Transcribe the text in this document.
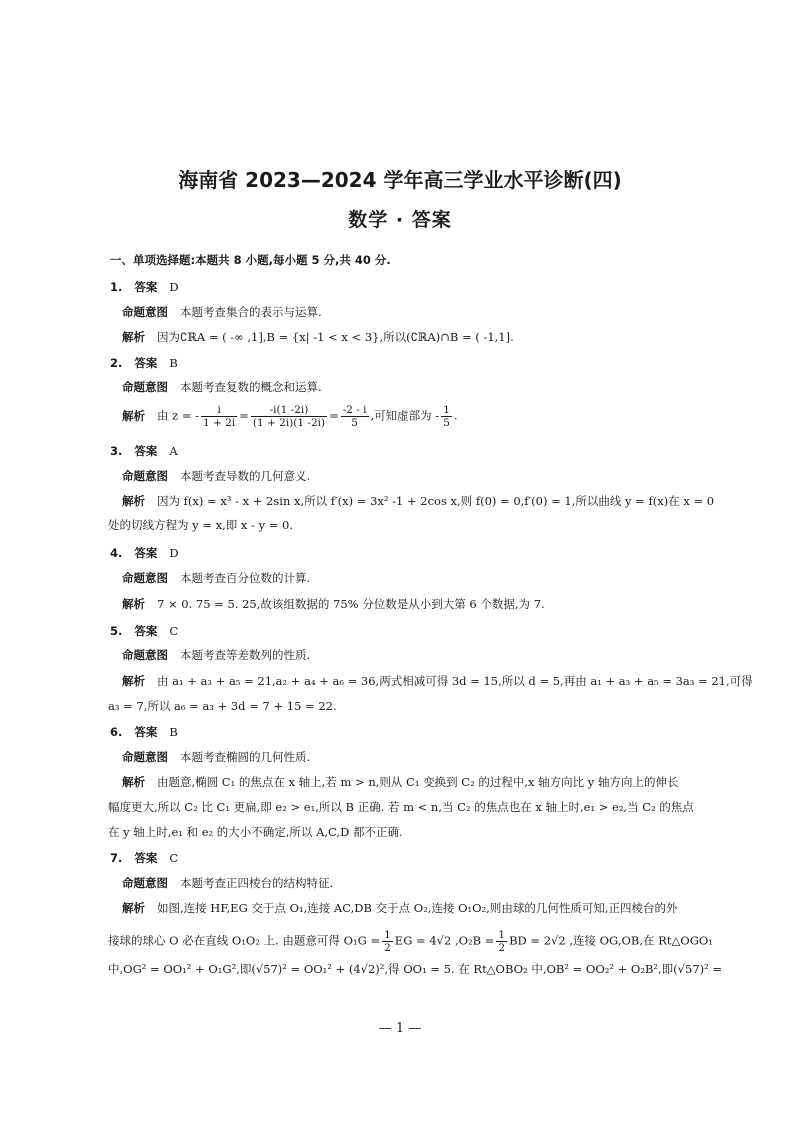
海南省 2023—2024 学年高三学业水平诊断(四)
数学 · 答案
一、单项选择题:本题共 8 小题,每小题 5 分,共 40 分.
1. 答案 D
命题意图 本题考查集合的表示与运算.
解析 因为∁ℝA = ( -∞ ,1],B = {x| -1 < x < 3},所以(∁ℝA)∩B = ( -1,1].
2. 答案 B
命题意图 本题考查复数的概念和运算.
解析 由 z = - $\frac{i}{1 + 2i} = \frac{-i(1 -2i)}{(1 + 2i)(1 -2i)} = \frac{-2 - i}{5}$ ,可知虚部为 - $\frac{1}{5}$ .
3. 答案 A
命题意图 本题考查导数的几何意义.
解析 因为 f(x) = x³ - x + 2sin x,所以 f′(x) = 3x² -1 + 2cos x,则 f(0) = 0,f′(0) = 1,所以曲线 y = f(x)在 x = 0
处的切线方程为 y = x,即 x - y = 0.
4. 答案 D
命题意图 本题考查百分位数的计算.
解析 7 × 0. 75 = 5. 25,故该组数据的 75% 分位数是从小到大第 6 个数据,为 7.
5. 答案 C
命题意图 本题考查等差数列的性质.
解析 由 a₁ + a₃ + a₅ = 21,a₂ + a₄ + a₆ = 36,两式相减可得 3d = 15,所以 d = 5,再由 a₁ + a₃ + a₅ = 3a₃ = 21,可得
a₃ = 7,所以 a₆ = a₃ + 3d = 7 + 15 = 22.
6. 答案 B
命题意图 本题考查椭圆的几何性质.
解析 由题意,椭圆 C₁ 的焦点在 x 轴上,若 m > n,则从 C₁ 变换到 C₂ 的过程中,x 轴方向比 y 轴方向上的伸长
幅度更大,所以 C₂ 比 C₁ 更扁,即 e₂ > e₁,所以 B 正确. 若 m < n,当 C₂ 的焦点也在 x 轴上时,e₁ > e₂,当 C₂ 的焦点
在 y 轴上时,e₁ 和 e₂ 的大小不确定,所以 A,C,D 都不正确.
7. 答案 C
命题意图 本题考查正四棱台的结构特征.
解析 如图,连接 HF,EG 交于点 O₁,连接 AC,DB 交于点 O₂,连接 O₁O₂,则由球的几何性质可知,正四棱台的外
接球的球心 O 必在直线 O₁O₂ 上. 由题意可得 $O_1G = \frac{1}{2}$ EG = 4√2 $,O_2B = \frac{1}{2}$ BD = 2√2 ,连接 OG,OB,在 Rt△OGO₁
中,OG² = OO₁² + O₁G²,即(√57)² = OO₁² + (4√2)²,得 OO₁ = 5. 在 Rt△OBO₂ 中,OB² = OO₂² + O₂B²,即(√57)² =
— 1 —
